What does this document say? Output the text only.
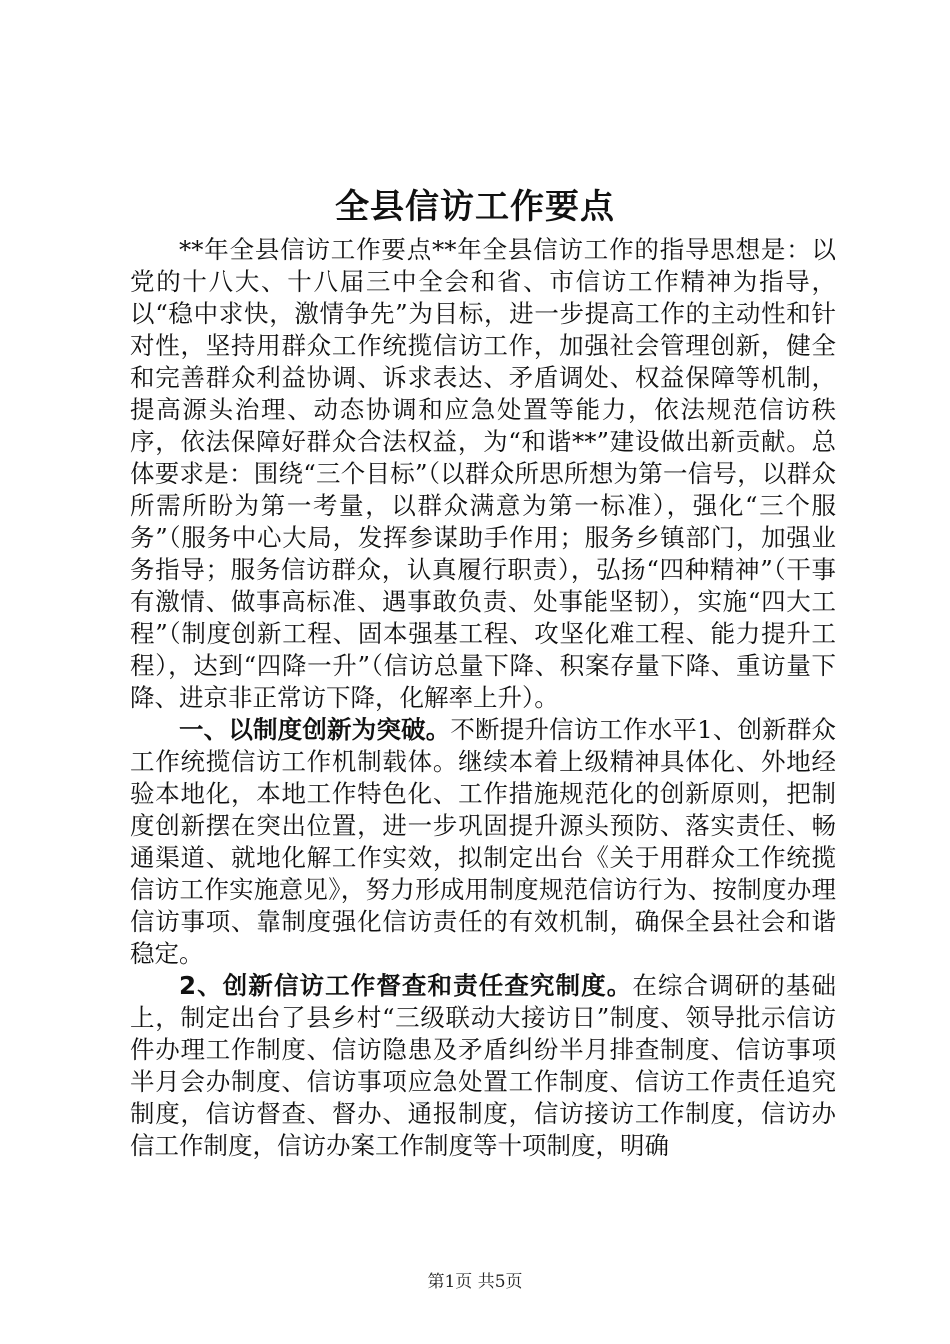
全县信访工作要点

**年全县信访工作要点**年全县信访工作的指导思想是：以党的十八大、十八届三中全会和省、市信访工作精神为指导，以“稳中求快，激情争先”为目标，进一步提高工作的主动性和针对性，坚持用群众工作统揽信访工作，加强社会管理创新，健全和完善群众利益协调、诉求表达、矛盾调处、权益保障等机制，提高源头治理、动态协调和应急处置等能力，依法规范信访秩序，依法保障好群众合法权益，为“和谐**”建设做出新贡献。总体要求是：围绕“三个目标”（以群众所思所想为第一信号，以群众所需所盼为第一考量，以群众满意为第一标准），强化“三个服务”（服务中心大局，发挥参谋助手作用；服务乡镇部门，加强业务指导；服务信访群众，认真履行职责），弘扬“四种精神”（干事有激情、做事高标准、遇事敢负责、处事能坚韧），实施“四大工程”（制度创新工程、固本强基工程、攻坚化难工程、能力提升工程），达到“四降一升”（信访总量下降、积案存量下降、重访量下降、进京非正常访下降，化解率上升）。

一、以制度创新为突破。不断提升信访工作水平1、创新群众工作统揽信访工作机制载体。继续本着上级精神具体化、外地经验本地化，本地工作特色化、工作措施规范化的创新原则，把制度创新摆在突出位置，进一步巩固提升源头预防、落实责任、畅通渠道、就地化解工作实效，拟制定出台《关于用群众工作统揽信访工作实施意见》，努力形成用制度规范信访行为、按制度办理信访事项、靠制度强化信访责任的有效机制，确保全县社会和谐稳定。

2、创新信访工作督查和责任查究制度。在综合调研的基础上，制定出台了县乡村“三级联动大接访日”制度、领导批示信访件办理工作制度、信访隐患及矛盾纠纷半月排查制度、信访事项半月会办制度、信访事项应急处置工作制度、信访工作责任追究制度，信访督查、督办、通报制度，信访接访工作制度，信访办信工作制度，信访办案工作制度等十项制度，明确

第1页 共5页
